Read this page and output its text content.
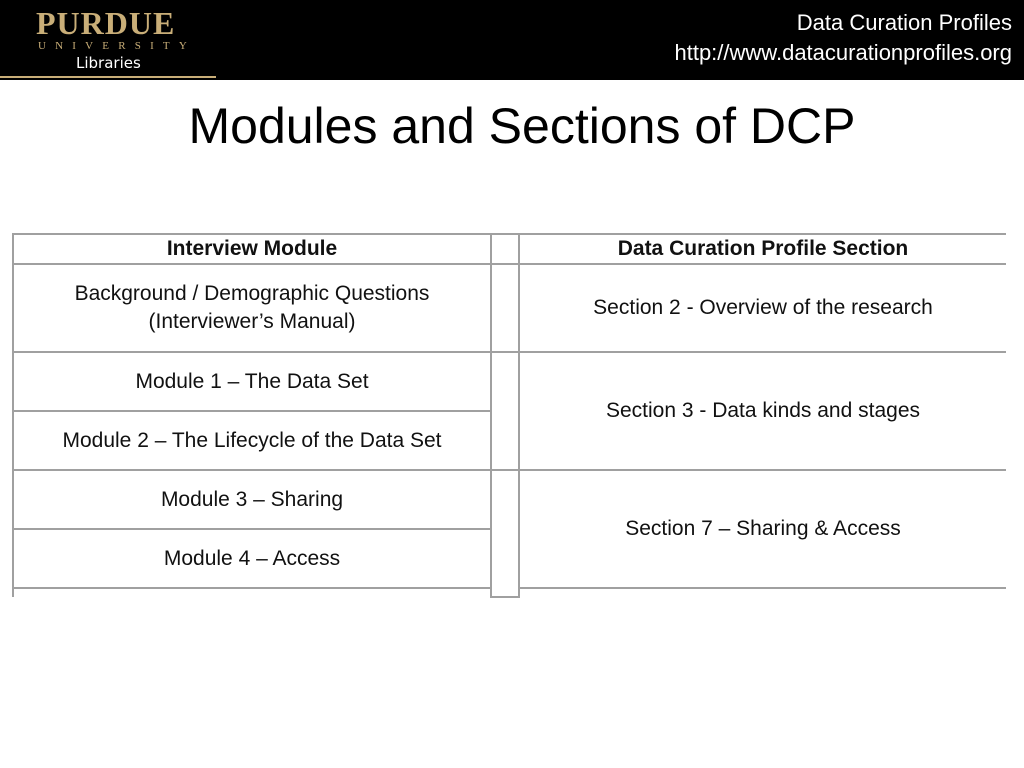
PURDUE
UNIVERSITY
Libraries
Data Curation Profiles
http://www.datacurationprofiles.org
Modules and Sections of DCP
Interview Module		Data Curation Profile Section

Background / Demographic Questions
(Interviewer’s Manual)		Section 2 - Overview of the research
Module 1 – The Data Set		Section 3 - Data kinds and stages
Module 2 – The Lifecycle of the Data Set		
Module 3 – Sharing		Section 7 – Sharing & Access
Module 4 – Access		
